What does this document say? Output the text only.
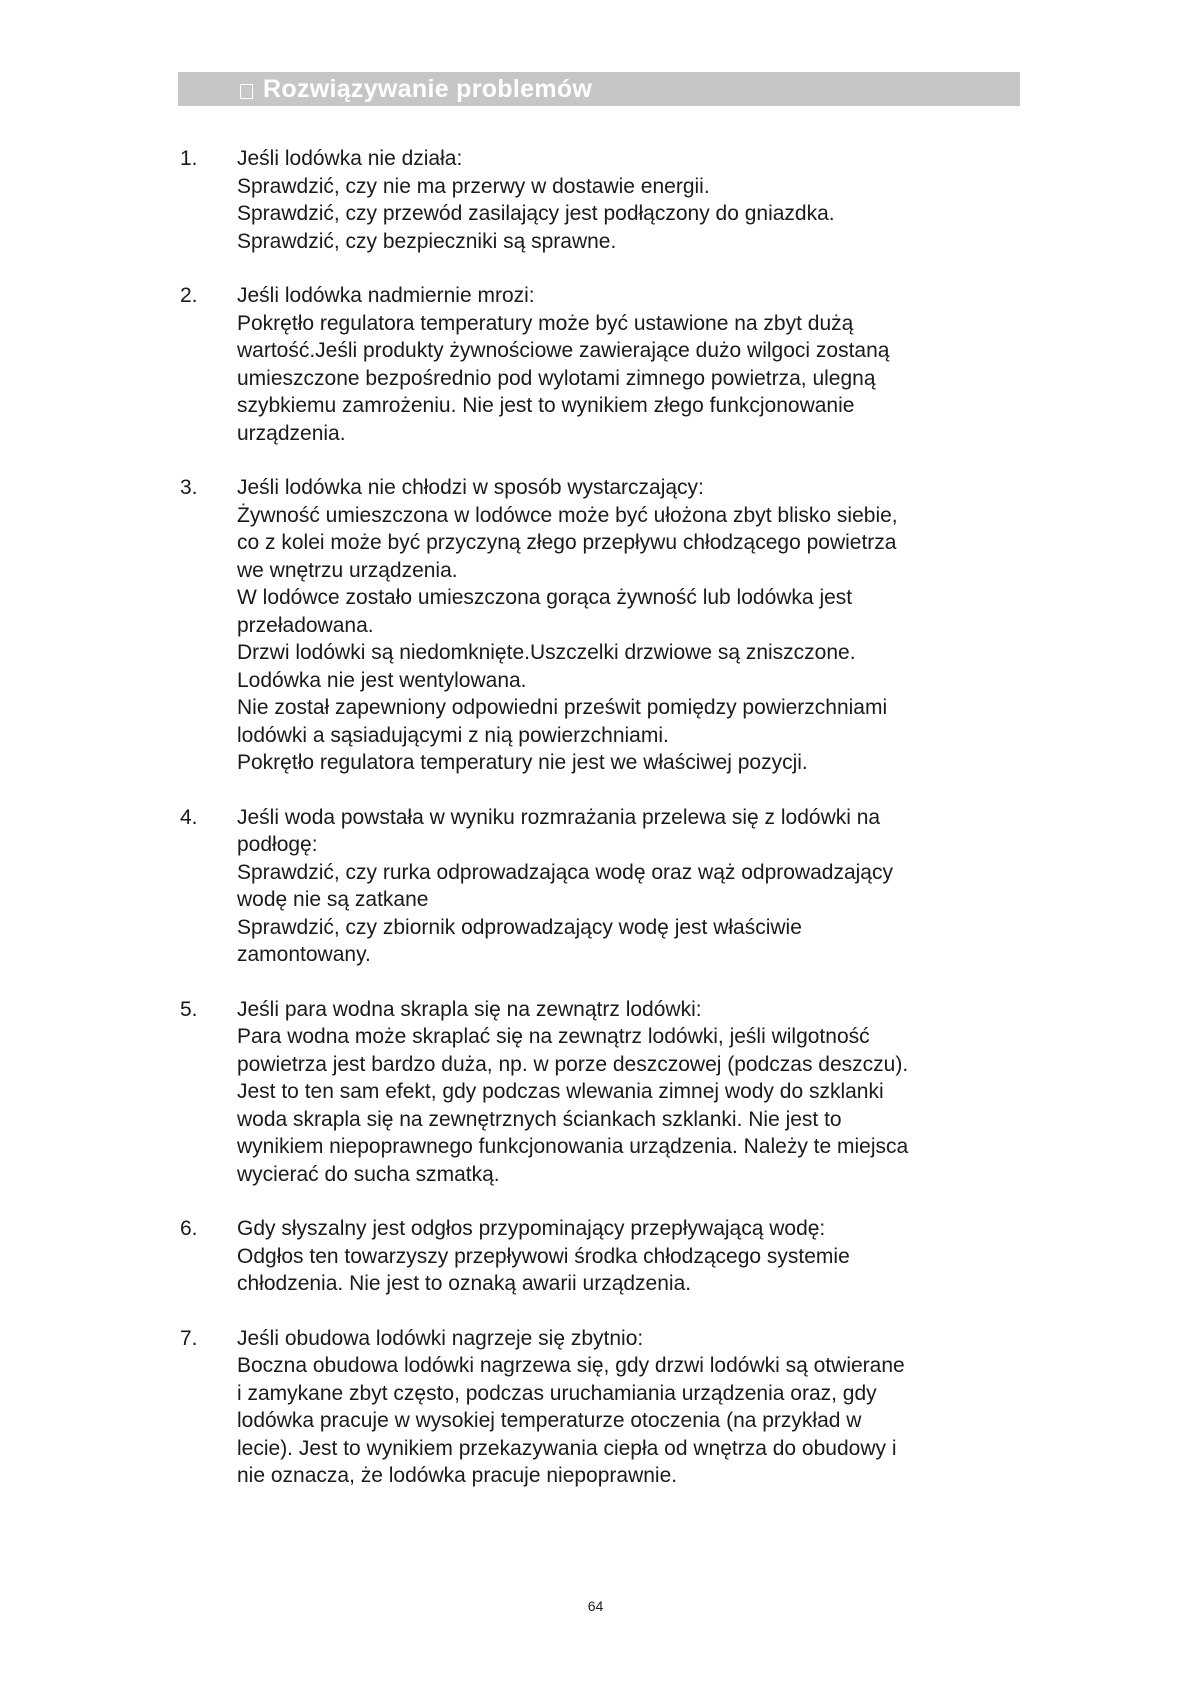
Rozwiązywanie problemów
1.	Jeśli lodówka nie działa:
Sprawdzić, czy nie ma przerwy w dostawie energii.
Sprawdzić, czy przewód zasilający jest podłączony do gniazdka.
Sprawdzić, czy bezpieczniki są sprawne.
2.	Jeśli lodówka nadmiernie mrozi:
Pokrętło regulatora temperatury może być ustawione na zbyt dużą
wartość.Jeśli produkty żywnościowe zawierające dużo wilgoci zostaną
umieszczone bezpośrednio pod wylotami zimnego powietrza, ulegną
szybkiemu zamrożeniu. Nie jest to wynikiem złego funkcjonowanie
urządzenia.
3.	Jeśli lodówka nie chłodzi w sposób wystarczający:
Żywność umieszczona w lodówce może być ułożona zbyt blisko siebie,
co z kolei może być przyczyną złego przepływu chłodzącego powietrza
we wnętrzu urządzenia.
W lodówce zostało umieszczona gorąca żywność lub lodówka jest
przeładowana.
Drzwi lodówki są niedomknięte.Uszczelki drzwiowe są zniszczone.
Lodówka nie jest wentylowana.
Nie został zapewniony odpowiedni prześwit pomiędzy powierzchniami
lodówki a sąsiadującymi z nią powierzchniami.
Pokrętło regulatora temperatury nie jest we właściwej pozycji.
4.	Jeśli woda powstała w wyniku rozmrażania przelewa się z lodówki na
podłogę:
Sprawdzić, czy rurka odprowadzająca wodę oraz wąż odprowadzający
wodę nie są zatkane
Sprawdzić, czy zbiornik odprowadzający wodę jest właściwie
zamontowany.
5.	Jeśli para wodna skrapla się na zewnątrz lodówki:
Para wodna może skraplać się na zewnątrz lodówki, jeśli wilgotność
powietrza jest bardzo duża, np. w porze deszczowej (podczas deszczu).
Jest to ten sam efekt, gdy podczas wlewania zimnej wody do szklanki
woda skrapla się na zewnętrznych ściankach szklanki. Nie jest to
wynikiem niepoprawnego funkcjonowania urządzenia. Należy te miejsca
wycierać do sucha szmatką.
6.	Gdy słyszalny jest odgłos przypominający przepływającą wodę:
Odgłos ten towarzyszy przepływowi środka chłodzącego systemie
chłodzenia. Nie jest to oznaką awarii urządzenia.
7.	Jeśli obudowa lodówki nagrzeje się zbytnio:
Boczna obudowa lodówki nagrzewa się, gdy drzwi lodówki są otwierane
i zamykane zbyt często, podczas uruchamiania urządzenia oraz, gdy
lodówka pracuje w wysokiej temperaturze otoczenia (na przykład w
lecie). Jest to wynikiem przekazywania ciepła od wnętrza do obudowy i
nie oznacza, że lodówka pracuje niepoprawnie.
64
